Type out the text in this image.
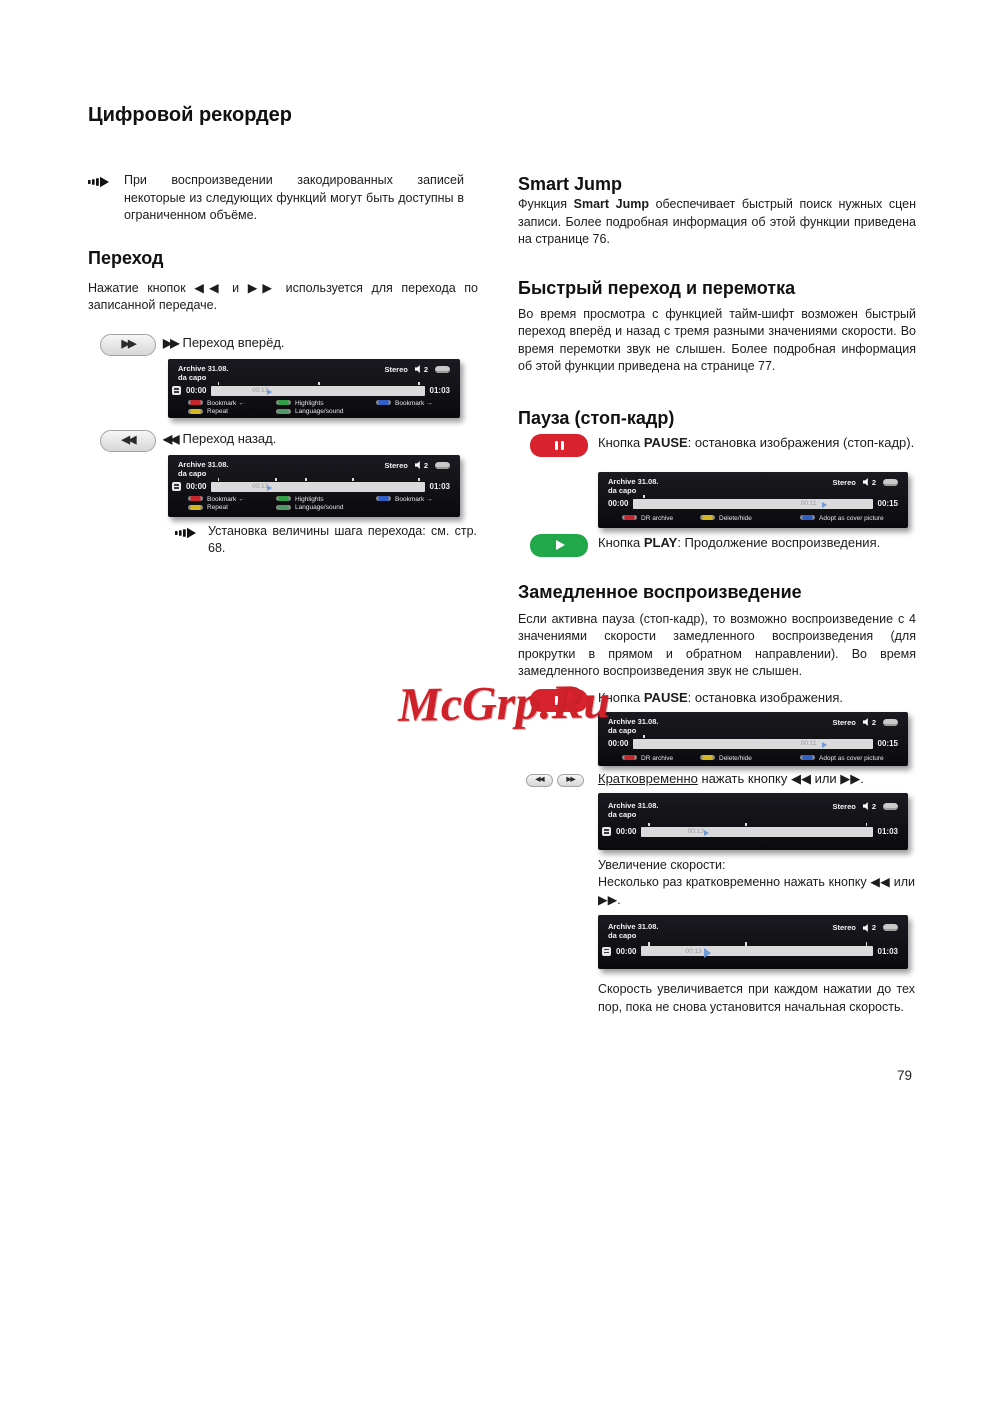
Цифровой рекордер

При воспроизведении закодированных записей некоторые из следующих функций могут быть доступны в ограниченном объёме.

Переход

Нажатие кнопок ◀◀ и ▶▶ используется для перехода по записанной передаче.

▶▶ ▶▶ Переход вперёд.
Archive 31.08.
da capo
Stereo 2
00:00	00:13	01:03
Bookmark ←
Repeat
Highlights
Language/sound
Bookmark →
◀◀ ◀◀ Переход назад.
Archive 31.08.
da capo
Stereo 2
00:00	00:13	01:03
Bookmark ←
Repeat
Highlights
Language/sound
Bookmark →

Установка величины шага перехода: см. стр. 68.

Smart Jump

Функция Smart Jump обеспечивает быстрый поиск нужных сцен записи. Более подробная информация об этой функции приведена на странице 76.

Быстрый переход и перемотка

Во время просмотра с функцией тайм-шифт возможен быстрый переход вперёд и назад с тремя разными значениями скорости. Во время перемотки звук не слышен. Более подробная информация об этой функции приведена на странице 77.

Пауза (стоп-кадр)

Кнопка PAUSE: остановка изображения (стоп-кадр).

Archive 31.08.
da capo
Stereo 2
00:00	00:11	00:15
DR archive	Delete/hide	Adopt as cover picture

Кнопка PLAY: Продолжение воспроизведения.

Замедленное воспроизведение

Если активна пауза (стоп-кадр), то возможно воспроизведение с 4 значениями скорости замедленного воспроизведения (для прокрутки в прямом и обратном направлении). Во время замедленного воспроизведения звук не слышен.

Кнопка PAUSE: остановка изображения.

Archive 31.08.
da capo
Stereo 2
00:00	00:11	00:15
DR archive	Delete/hide	Adopt as cover picture
◀◀	▶▶ Кратковременно нажать кнопку ◀◀ или ▶▶.

Archive 31.08.
da capo
Stereo 2
00:00	00:13	01:03

Увеличение скорости:

Несколько раз кратковременно нажать кнопку ◀◀ или ▶▶.

Archive 31.08.
da capo
Stereo 2
00:00	00:13	01:03

Скорость увеличивается при каждом нажатии до тех пор, пока не снова установится начальная скорость.

McGrp.Ru
79
